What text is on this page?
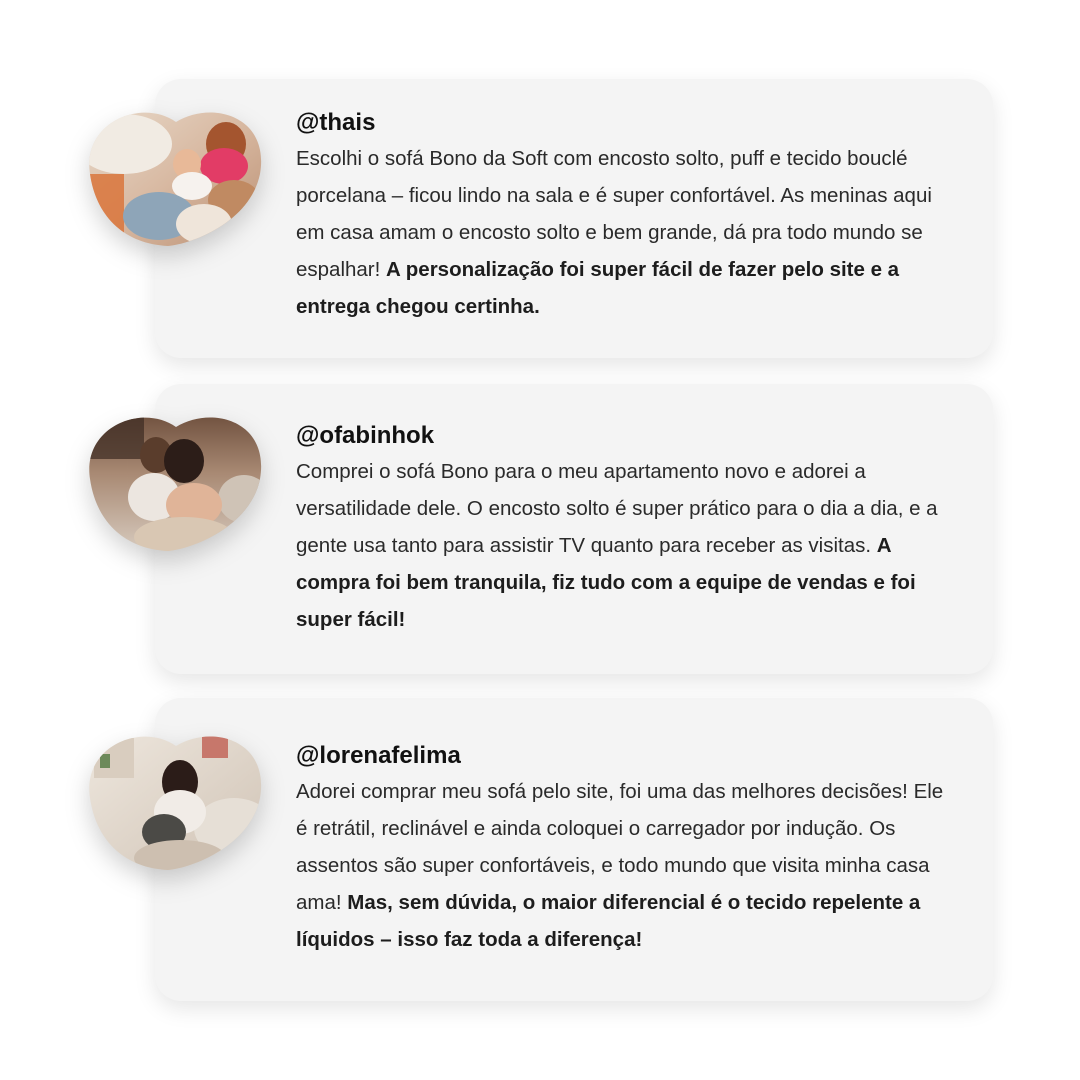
@thais

Escolhi o sofá Bono da Soft com encosto solto, puff e tecido bouclé porcelana – ficou lindo na sala e é super confortável. As meninas aqui em casa amam o encosto solto e bem grande, dá pra todo mundo se espalhar! A personalização foi super fácil de fazer pelo site e a entrega chegou certinha.

@ofabinhok

Comprei o sofá Bono para o meu apartamento novo e adorei a versatilidade dele. O encosto solto é super prático para o dia a dia, e a gente usa tanto para assistir TV quanto para receber as visitas. A compra foi bem tranquila, fiz tudo com a equipe de vendas e foi super fácil!

@lorenafelima

Adorei comprar meu sofá pelo site, foi uma das melhores decisões! Ele é retrátil, reclinável e ainda coloquei o carregador por indução. Os assentos são super confortáveis, e todo mundo que visita minha casa ama! Mas, sem dúvida, o maior diferencial é o tecido repelente a líquidos – isso faz toda a diferença!
